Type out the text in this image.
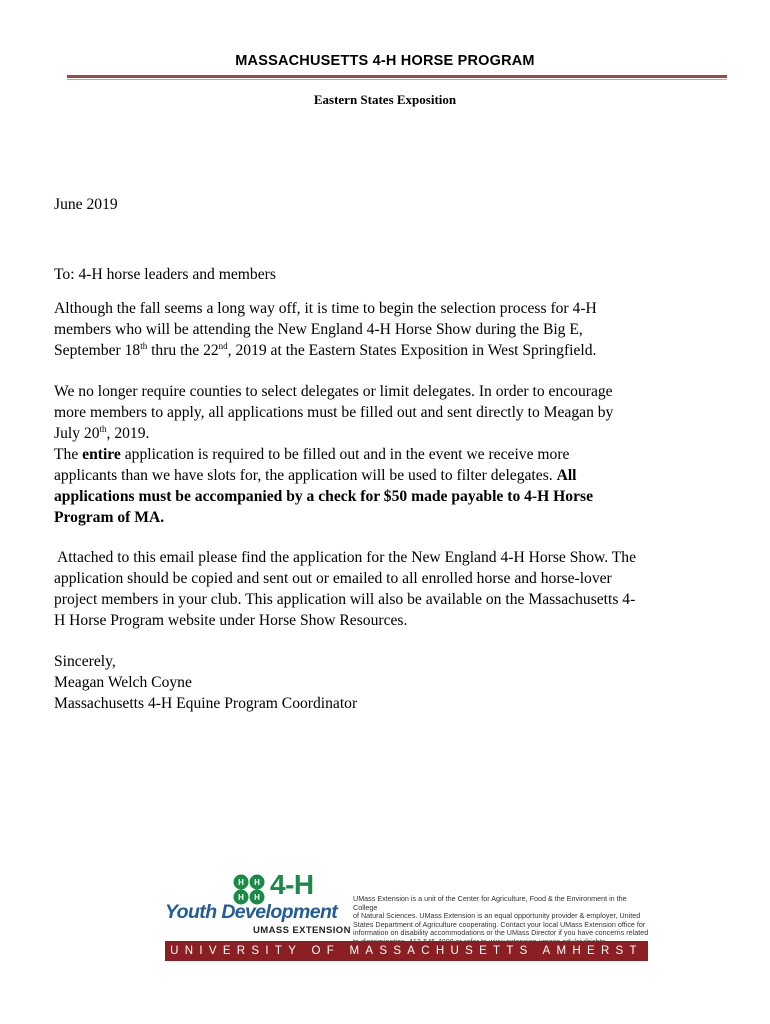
MASSACHUSETTS 4-H HORSE PROGRAM
Eastern States Exposition
June 2019
To: 4-H horse leaders and members
Although the fall seems a long way off, it is time to begin the selection process for 4-H
members who will be attending the New England 4-H Horse Show during the Big E,
September 18th thru the 22nd, 2019 at the Eastern States Exposition in West Springfield.
We no longer require counties to select delegates or limit delegates. In order to encourage
more members to apply, all applications must be filled out and sent directly to Meagan by
July 20th, 2019.
The entire application is required to be filled out and in the event we receive more
applicants than we have slots for, the application will be used to filter delegates. All
applications must be accompanied by a check for $50 made payable to 4-H Horse
Program of MA.
Attached to this email please find the application for the New England 4-H Horse Show. The
application should be copied and sent out or emailed to all enrolled horse and horse-lover
project members in your club. This application will also be available on the Massachusetts 4-
H Horse Program website under Horse Show Resources.
Sincerely,
Meagan Welch Coyne
Massachusetts 4-H Equine Program Coordinator
H H
H H 4-H
Youth Development
UMASS EXTENSION
UMass Extension is a unit of the Center for Agriculture, Food & the Environment in the College
of Natural Sciences. UMass Extension is an equal opportunity provider & employer, United
States Department of Agriculture cooperating. Contact your local UMass Extension office for
information on disability accommodations or the UMass Director if you have concerns related
UNIVERSITY OF MASSACHUSETTS AMHERST
